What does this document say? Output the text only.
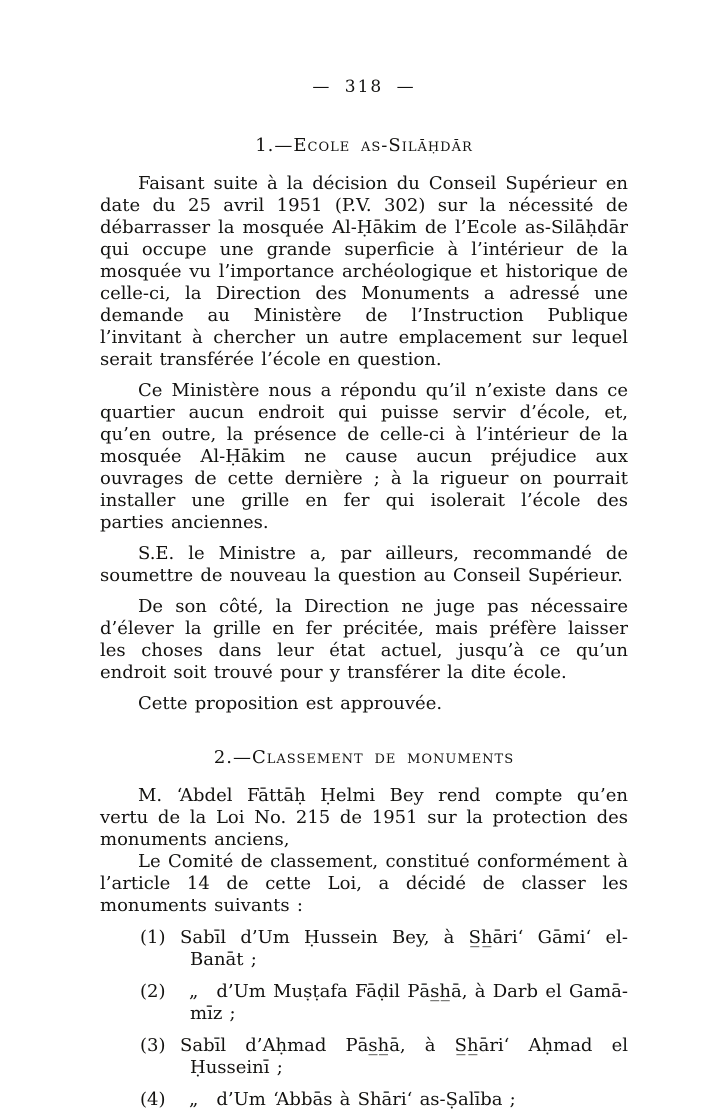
— 318 —
1.—Ecole as-Silāḥdār

Faisant suite à la décision du Conseil Supérieur en date du 25 avril 1951 (P.V. 302) sur la nécessité de débarrasser la mosquée Al-Ḥākim de l’Ecole as-Silāḥdār qui occupe une grande superficie à l’intérieur de la mosquée vu l’importance archéologique et historique de celle-ci, la Direction des Monuments a adressé une demande au Ministère de l’Instruction Publique l’invitant à chercher un autre emplacement sur lequel serait transférée l’école en question.

Ce Ministère nous a répondu qu’il n’existe dans ce quartier aucun endroit qui puisse servir d’école, et, qu’en outre, la présence de celle-ci à l’intérieur de la mosquée Al-Ḥākim ne cause aucun préjudice aux ouvrages de cette dernière ; à la rigueur on pourrait installer une grille en fer qui isolerait l’école des parties anciennes.

S.E. le Ministre a, par ailleurs, recommandé de soumettre de nouveau la question au Conseil Supérieur.

De son côté, la Direction ne juge pas nécessaire d’élever la grille en fer précitée, mais préfère laisser les choses dans leur état actuel, jusqu’à ce qu’un endroit soit trouvé pour y transférer la dite école.

Cette proposition est approuvée.

2.—Classement de monuments

M. ‘Abdel Fāttāḥ Ḥelmi Bey rend compte qu’en vertu de la Loi No. 215 de 1951 sur la protection des monuments anciens,

Le Comité de classement, constitué conformément à l’article 14 de cette Loi, a décidé de classer les monuments suivants :

(1) Sabīl d’Um Ḥussein Bey, à S̲h̲āri‘ Gāmi‘ el-Banāt ;
(2) „ d’Um Muṣṭafa Fāḍil Pās̲h̲ā, à Darb el Gamā-mīz ;
(3) Sabīl d’Aḥmad Pās̲h̲ā, à S̲h̲āri‘ Aḥmad el Ḥusseinī ;
(4) „ d’Um ‘Abbās à Shāri‘ as-Ṣalība ;
